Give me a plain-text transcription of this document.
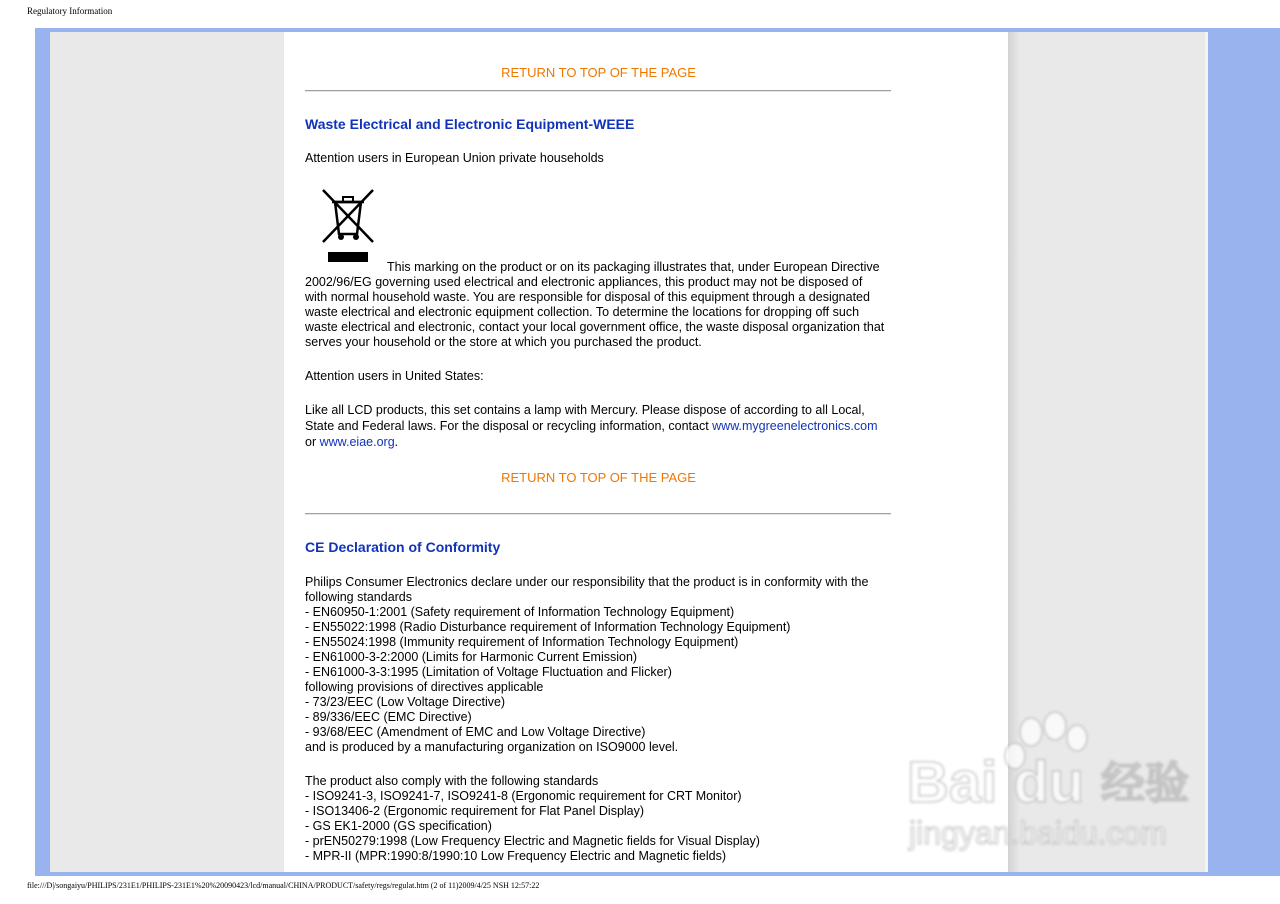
Regulatory Information
RETURN TO TOP OF THE PAGE
Waste Electrical and Electronic Equipment-WEEE

Attention users in European Union private households

This marking on the product or on its packaging illustrates that, under European Directive
2002/96/EG governing used electrical and electronic appliances, this product may not be disposed of
with normal household waste. You are responsible for disposal of this equipment through a designated
waste electrical and electronic equipment collection. To determine the locations for dropping off such
waste electrical and electronic, contact your local government office, the waste disposal organization that
serves your household or the store at which you purchased the product.

Attention users in United States:

Like all LCD products, this set contains a lamp with Mercury. Please dispose of according to all Local,
State and Federal laws. For the disposal or recycling information, contact www.mygreenelectronics.com
or www.eiae.org.

RETURN TO TOP OF THE PAGE
CE Declaration of Conformity

Philips Consumer Electronics declare under our responsibility that the product is in conformity with the
following standards
- EN60950-1:2001 (Safety requirement of Information Technology Equipment)
- EN55022:1998 (Radio Disturbance requirement of Information Technology Equipment)
- EN55024:1998 (Immunity requirement of Information Technology Equipment)
- EN61000-3-2:2000 (Limits for Harmonic Current Emission)
- EN61000-3-3:1995 (Limitation of Voltage Fluctuation and Flicker)
following provisions of directives applicable
- 73/23/EEC (Low Voltage Directive)
- 89/336/EEC (EMC Directive)
- 93/68/EEC (Amendment of EMC and Low Voltage Directive)
and is produced by a manufacturing organization on ISO9000 level.

The product also comply with the following standards
- ISO9241-3, ISO9241-7, ISO9241-8 (Ergonomic requirement for CRT Monitor)
- ISO13406-2 (Ergonomic requirement for Flat Panel Display)
- GS EK1-2000 (GS specification)
- prEN50279:1998 (Low Frequency Electric and Magnetic fields for Visual Display)
- MPR-II (MPR:1990:8/1990:10 Low Frequency Electric and Magnetic fields)

Bai du 经验
jingyan.baidu.com
file:///D|/songaiyu/PHILIPS/231E1/PHILIPS-231E1%20%20090423/lcd/manual/CHINA/PRODUCT/safety/regs/regulat.htm (2 of 11)2009/4/25 NSH 12:57:22
